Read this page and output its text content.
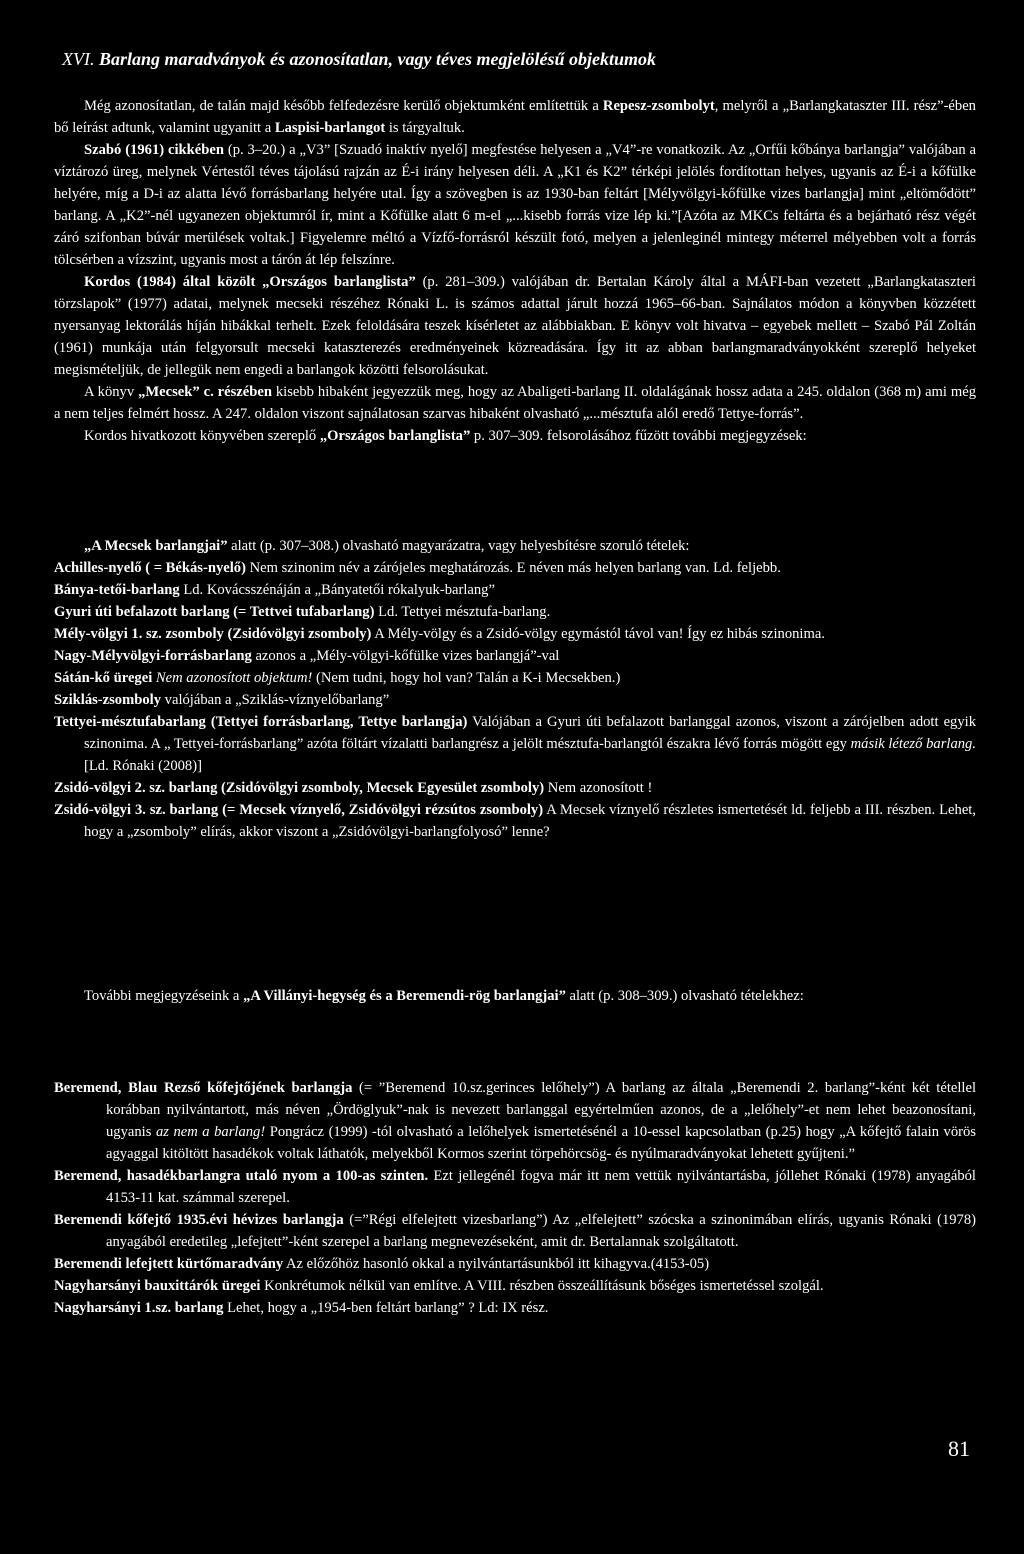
XVI. Barlang maradványok és azonosítatlan, vagy téves megjelölésű objektumok

Még azonosítatlan, de talán majd később felfedezésre kerülő objektumként említettük a Repesz-zsombolyt, melyről a „Barlangkataszter III. rész”-ében bő leírást adtunk, valamint ugyanitt a Laspisi-barlangot is tárgyaltuk.

Szabó (1961) cikkében (p. 3–20.) a „V3” [Szuadó inaktív nyelő] megfestése helyesen a „V4”-re vonatkozik. Az „Orfűi kőbánya barlangja” valójában a víztározó üreg, melynek Vértestől téves tájolású rajzán az É-i irány helyesen déli. A „K1 és K2” térképi jelölés fordítottan helyes, ugyanis az É-i a kőfülke helyére, míg a D-i az alatta lévő forrásbarlang helyére utal. Így a szövegben is az 1930-ban feltárt [Mélyvölgyi-kőfülke vizes barlangja] mint „eltömődött” barlang. A „K2”-nél ugyanezen objektumról ír, mint a Kőfülke alatt 6 m-el „...kisebb forrás vize lép ki.”[Azóta az MKCs feltárta és a bejárható rész végét záró szifonban búvár merülések voltak.] Figyelemre méltó a Vízfő-forrásról készült fotó, melyen a jelenleginél mintegy méterrel mélyebben volt a forrás tölcsérben a vízszint, ugyanis most a tárón át lép felszínre.

Kordos (1984) által közölt „Országos barlanglista” (p. 281–309.) valójában dr. Bertalan Károly által a MÁFI-ban vezetett „Barlangkataszteri törzslapok” (1977) adatai, melynek mecseki részéhez Rónaki L. is számos adattal járult hozzá 1965–66-ban. Sajnálatos módon a könyvben közzétett nyersanyag lektorálás híján hibákkal terhelt. Ezek feloldására teszek kísérletet az alábbiakban. E könyv volt hivatva – egyebek mellett – Szabó Pál Zoltán (1961) munkája után felgyorsult mecseki kataszterezés eredményeinek közreadására. Így itt az abban barlangmaradványokként szereplő helyeket megismételjük, de jellegük nem engedi a barlangok közötti felsorolásukat.

A könyv „Mecsek” c. részében kisebb hibaként jegyezzük meg, hogy az Abaligeti-barlang II. oldalágának hossz adata a 245. oldalon (368 m) ami még a nem teljes felmért hossz. A 247. oldalon viszont sajnálatosan szarvas hibaként olvasható „...mésztufa alól eredő Tettye-forrás”.

Kordos hivatkozott könyvében szereplő „Országos barlanglista” p. 307–309. felsorolásához fűzött további megjegyzések:

„A Mecsek barlangjai” alatt (p. 307–308.) olvasható magyarázatra, vagy helyesbítésre szoruló tételek:

Achilles-nyelő ( = Békás-nyelő) Nem szinonim név a zárójeles meghatározás. E néven más helyen barlang van. Ld. feljebb.

Bánya-tetői-barlang Ld. Kovácsszénáján a „Bányatetői rókalyuk-barlang”

Gyuri úti befalazott barlang (= Tettvei tufabarlang) Ld. Tettyei mésztufa-barlang.

Mély-völgyi 1. sz. zsomboly (Zsidóvölgyi zsomboly) A Mély-völgy és a Zsidó-völgy egymástól távol van! Így ez hibás szinonima.

Nagy-Mélyvölgyi-forrásbarlang azonos a „Mély-völgyi-kőfülke vizes barlangjá”-val

Sátán-kő üregei Nem azonosított objektum! (Nem tudni, hogy hol van? Talán a K-i Mecsekben.)

Sziklás-zsomboly valójában a „Sziklás-víznyelőbarlang”

Tettyei-mésztufabarlang (Tettyei forrásbarlang, Tettye barlangja) Valójában a Gyuri úti befalazott barlanggal azonos, viszont a zárójelben adott egyik szinonima. A „ Tettyei-forrásbarlang” azóta föltárt vízalatti barlangrész a jelölt mésztufa-barlangtól északra lévő forrás mögött egy másik létező barlang. [Ld. Rónaki (2008)]

Zsidó-völgyi 2. sz. barlang (Zsidóvölgyi zsomboly, Mecsek Egyesület zsomboly) Nem azonosított !

Zsidó-völgyi 3. sz. barlang (= Mecsek víznyelő, Zsidóvölgyi rézsútos zsomboly) A Mecsek víznyelő részletes ismertetését ld. feljebb a III. részben. Lehet, hogy a „zsomboly” elírás, akkor viszont a „Zsidóvölgyi-barlangfolyosó” lenne?

További megjegyzéseink a „A Villányi-hegység és a Beremendi-rög barlangjai” alatt (p. 308–309.) olvasható tételekhez:

Beremend, Blau Rezső kőfejtőjének barlangja (= ”Beremend 10.sz.gerinces lelőhely”) A barlang az általa „Beremendi 2. barlang”-ként két tétellel korábban nyilvántartott, más néven „Ördöglyuk”-nak is nevezett barlanggal egyértelműen azonos, de a „lelőhely”-et nem lehet beazonosítani, ugyanis az nem a barlang! Pongrácz (1999) -tól olvasható a lelőhelyek ismertetésénél a 10-essel kapcsolatban (p.25) hogy „A kőfejtő falain vörös agyaggal kitöltött hasadékok voltak láthatók, melyekből Kormos szerint törpehörcsög- és nyúlmaradványokat lehetett gyűjteni.”

Beremend, hasadékbarlangra utaló nyom a 100-as szinten. Ezt jellegénél fogva már itt nem vettük nyilvántartásba, jóllehet Rónaki (1978) anyagából 4153-11 kat. számmal szerepel.

Beremendi kőfejtő 1935.évi hévizes barlangja (=”Régi elfelejtett vizesbarlang”) Az „elfelejtett” szócska a szinonimában elírás, ugyanis Rónaki (1978) anyagából eredetileg „lefejtett”-ként szerepel a barlang megnevezéseként, amit dr. Bertalannak szolgáltatott.

Beremendi lefejtett kürtőmaradvány Az előzőhöz hasonló okkal a nyilvántartásunkból itt kihagyva.(4153-05)

Nagyharsányi bauxittárók üregei Konkrétumok nélkül van említve. A VIII. részben összeállításunk bőséges ismertetéssel szolgál.

Nagyharsányi 1.sz. barlang Lehet, hogy a „1954-ben feltárt barlang” ? Ld: IX rész.

81
